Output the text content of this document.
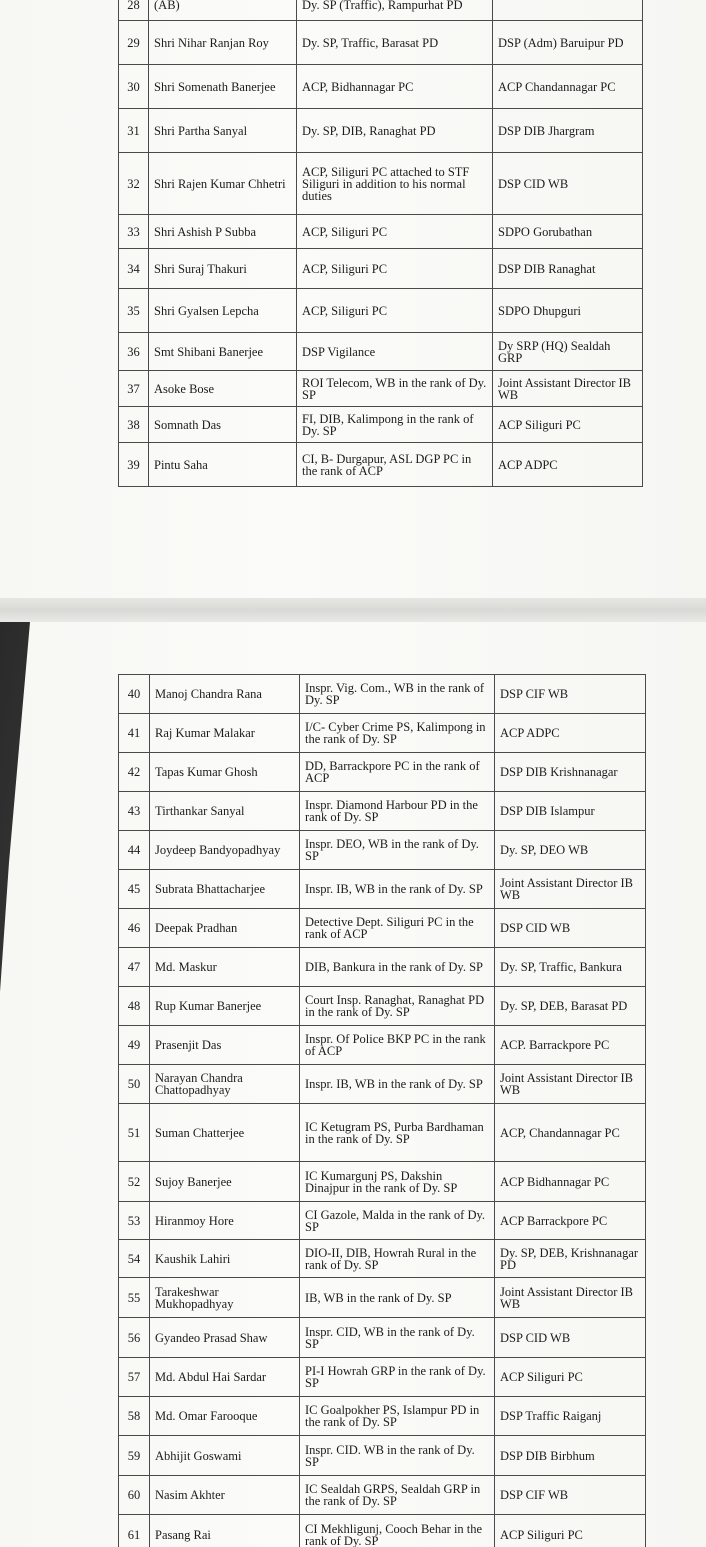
28	(AB)	Dy. SP (Traffic), Rampurhat PD	
29	Shri Nihar Ranjan Roy	Dy. SP, Traffic, Barasat PD	DSP (Adm) Baruipur PD
30	Shri Somenath Banerjee	ACP, Bidhannagar PC	ACP Chandannagar PC
31	Shri Partha Sanyal	Dy. SP, DIB, Ranaghat PD	DSP DIB Jhargram
32	Shri Rajen Kumar Chhetri	ACP, Siliguri PC attached to STF Siliguri in addition to his normal duties	DSP CID WB
33	Shri Ashish P Subba	ACP, Siliguri PC	SDPO Gorubathan
34	Shri Suraj Thakuri	ACP, Siliguri PC	DSP DIB Ranaghat
35	Shri Gyalsen Lepcha	ACP, Siliguri PC	SDPO Dhupguri
36	Smt Shibani Banerjee	DSP Vigilance	Dy SRP (HQ) Sealdah GRP
37	Asoke Bose	ROI Telecom, WB in the rank of Dy. SP	Joint Assistant Director IB WB
38	Somnath Das	FI, DIB, Kalimpong in the rank of Dy. SP	ACP Siliguri PC
39	Pintu Saha	CI, B- Durgapur, ASL DGP PC in the rank of ACP	ACP ADPC
40	Manoj Chandra Rana	Inspr. Vig. Com., WB in the rank of Dy. SP	DSP CIF WB
41	Raj Kumar Malakar	I/C- Cyber Crime PS, Kalimpong in the rank of Dy. SP	ACP ADPC
42	Tapas Kumar Ghosh	DD, Barrackpore PC in the rank of ACP	DSP DIB Krishnanagar
43	Tirthankar Sanyal	Inspr. Diamond Harbour PD in the rank of Dy. SP	DSP DIB Islampur
44	Joydeep Bandyopadhyay	Inspr. DEO, WB in the rank of Dy. SP	Dy. SP, DEO WB
45	Subrata Bhattacharjee	Inspr. IB, WB in the rank of Dy. SP	Joint Assistant Director IB WB
46	Deepak Pradhan	Detective Dept. Siliguri PC in the rank of ACP	DSP CID WB
47	Md. Maskur	DIB, Bankura in the rank of Dy. SP	Dy. SP, Traffic, Bankura
48	Rup Kumar Banerjee	Court Insp. Ranaghat, Ranaghat PD in the rank of Dy. SP	Dy. SP, DEB, Barasat PD
49	Prasenjit Das	Inspr. Of Police BKP PC in the rank of ACP	ACP. Barrackpore PC
50	Narayan Chandra Chattopadhyay	Inspr. IB, WB in the rank of Dy. SP	Joint Assistant Director IB WB
51	Suman Chatterjee	IC Ketugram PS, Purba Bardhaman in the rank of Dy. SP	ACP, Chandannagar PC
52	Sujoy Banerjee	IC Kumargunj PS, Dakshin Dinajpur in the rank of Dy. SP	ACP Bidhannagar PC
53	Hiranmoy Hore	CI Gazole, Malda in the rank of Dy. SP	ACP Barrackpore PC
54	Kaushik Lahiri	DIO-II, DIB, Howrah Rural in the rank of Dy. SP	Dy. SP, DEB, Krishnanagar PD
55	Tarakeshwar Mukhopadhyay	IB, WB in the rank of Dy. SP	Joint Assistant Director IB WB
56	Gyandeo Prasad Shaw	Inspr. CID, WB in the rank of Dy. SP	DSP CID WB
57	Md. Abdul Hai Sardar	PI-I Howrah GRP in the rank of Dy. SP	ACP Siliguri PC
58	Md. Omar Farooque	IC Goalpokher PS, Islampur PD in the rank of Dy. SP	DSP Traffic Raiganj
59	Abhijit Goswami	Inspr. CID. WB in the rank of Dy. SP	DSP DIB Birbhum
60	Nasim Akhter	IC Sealdah GRPS, Sealdah GRP in the rank of Dy. SP	DSP CIF WB
61	Pasang Rai	CI Mekhligunj, Cooch Behar in the rank of Dy. SP	ACP Siliguri PC
